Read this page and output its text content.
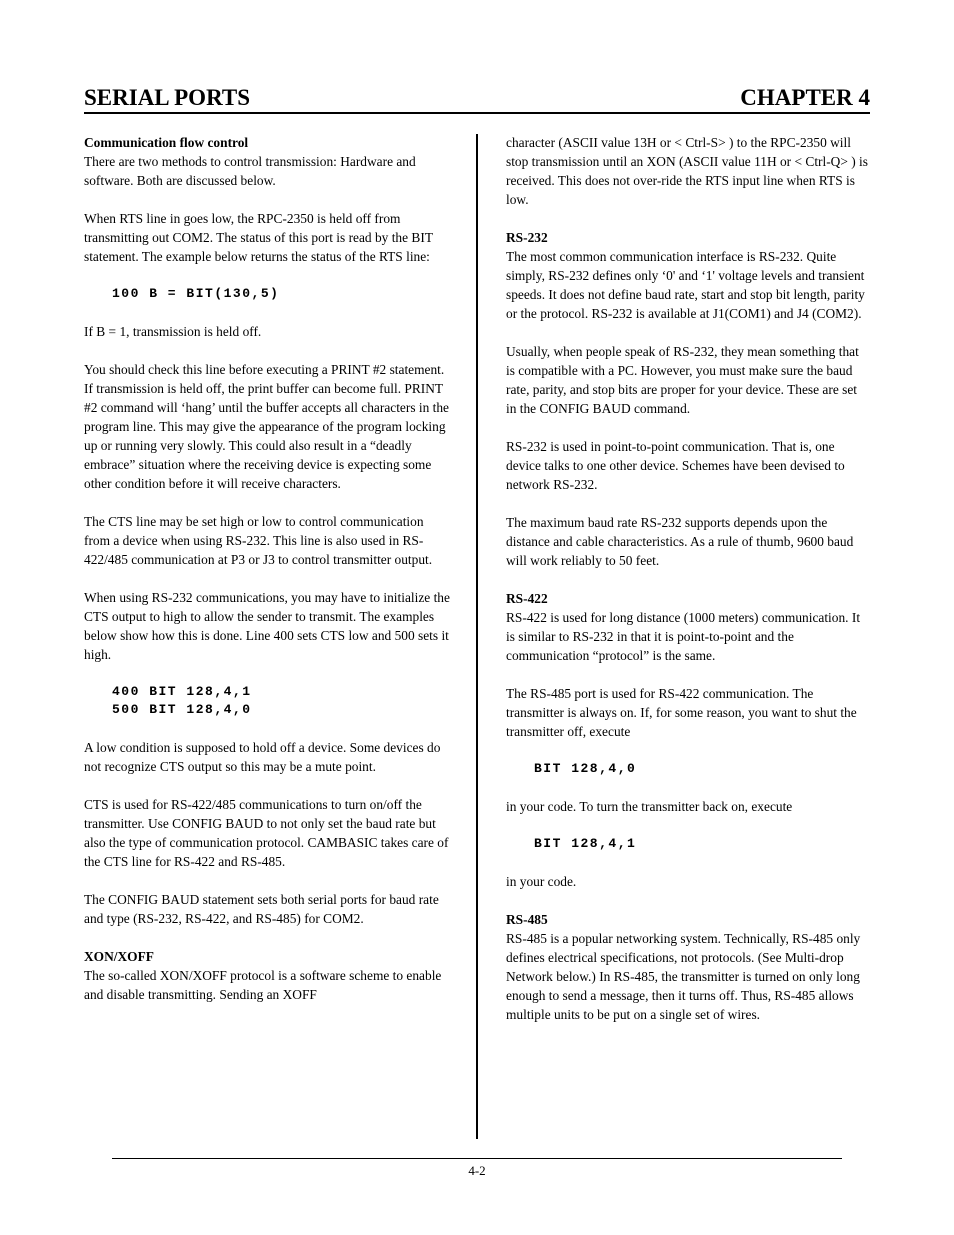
SERIAL PORTS	CHAPTER 4

Communication flow control

There are two methods to control transmission: Hardware and software. Both are discussed below.

When RTS line in goes low, the RPC-2350 is held off from transmitting out COM2. The status of this port is read by the BIT statement. The example below returns the status of the RTS line:

100 B = BIT(130,5)

If B = 1, transmission is held off.

You should check this line before executing a PRINT #2 statement. If transmission is held off, the print buffer can become full. PRINT #2 command will ‘hang’ until the buffer accepts all characters in the program line. This may give the appearance of the program locking up or running very slowly. This could also result in a “deadly embrace” situation where the receiving device is expecting some other condition before it will receive characters.

The CTS line may be set high or low to control communication from a device when using RS-232. This line is also used in RS-422/485 communication at P3 or J3 to control transmitter output.

When using RS-232 communications, you may have to initialize the CTS output to high to allow the sender to transmit. The examples below show how this is done. Line 400 sets CTS low and 500 sets it high.

400 BIT 128,4,1
500 BIT 128,4,0

A low condition is supposed to hold off a device. Some devices do not recognize CTS output so this may be a mute point.

CTS is used for RS-422/485 communications to turn on/off the transmitter. Use CONFIG BAUD to not only set the baud rate but also the type of communication protocol. CAMBASIC takes care of the CTS line for RS-422 and RS-485.

The CONFIG BAUD statement sets both serial ports for baud rate and type (RS-232, RS-422, and RS-485) for COM2.

XON/XOFF

The so-called XON/XOFF protocol is a software scheme to enable and disable transmitting. Sending an XOFF

character (ASCII value 13H or < Ctrl-S> ) to the RPC-2350 will stop transmission until an XON (ASCII value 11H or < Ctrl-Q> ) is received. This does not over-ride the RTS input line when RTS is low.

RS-232

The most common communication interface is RS-232. Quite simply, RS-232 defines only ‘0' and ‘1' voltage levels and transient speeds. It does not define baud rate, start and stop bit length, parity or the protocol. RS-232 is available at J1(COM1) and J4 (COM2).

Usually, when people speak of RS-232, they mean something that is compatible with a PC. However, you must make sure the baud rate, parity, and stop bits are proper for your device. These are set in the CONFIG BAUD command.

RS-232 is used in point-to-point communication. That is, one device talks to one other device. Schemes have been devised to network RS-232.

The maximum baud rate RS-232 supports depends upon the distance and cable characteristics. As a rule of thumb, 9600 baud will work reliably to 50 feet.

RS-422

RS-422 is used for long distance (1000 meters) communication. It is similar to RS-232 in that it is point-to-point and the communication “protocol” is the same.

The RS-485 port is used for RS-422 communication. The transmitter is always on. If, for some reason, you want to shut the transmitter off, execute

BIT 128,4,0

in your code. To turn the transmitter back on, execute

BIT 128,4,1

in your code.

RS-485

RS-485 is a popular networking system. Technically, RS-485 only defines electrical specifications, not protocols. (See Multi-drop Network below.) In RS-485, the transmitter is turned on only long enough to send a message, then it turns off. Thus, RS-485 allows multiple units to be put on a single set of wires.

4-2
